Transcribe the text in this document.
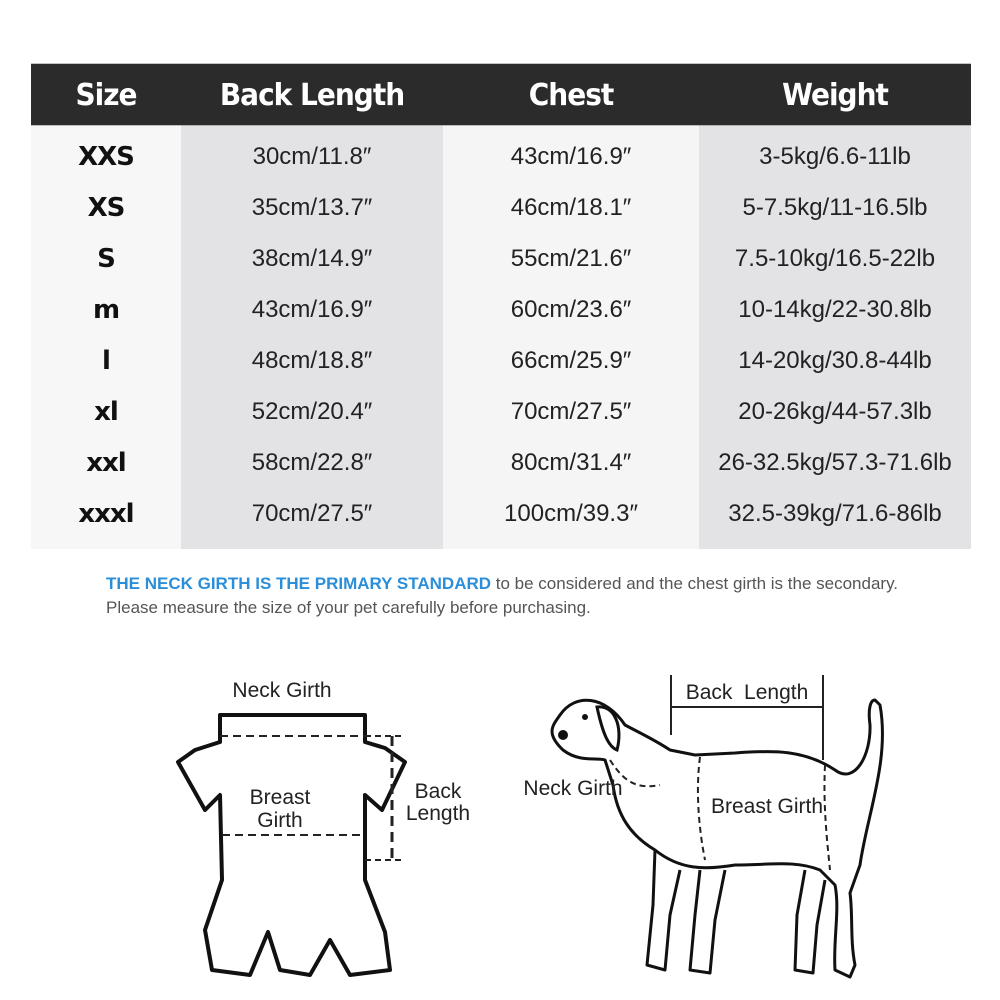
Size	Back Length	Chest	Weight
XXS	30cm/11.8″	43cm/16.9″	3-5kg/6.6-11lb
XS	35cm/13.7″	46cm/18.1″	5-7.5kg/11-16.5lb
S	38cm/14.9″	55cm/21.6″	7.5-10kg/16.5-22lb
m	43cm/16.9″	60cm/23.6″	10-14kg/22-30.8lb
l	48cm/18.8″	66cm/25.9″	14-20kg/30.8-44lb
xl	52cm/20.4″	70cm/27.5″	20-26kg/44-57.3lb
xxl	58cm/22.8″	80cm/31.4″	26-32.5kg/57.3-71.6lb
xxxl	70cm/27.5″	100cm/39.3″	32.5-39kg/71.6-86lb

THE NECK GIRTH IS THE PRIMARY STANDARD to be considered and the chest girth is the secondary. Please measure the size of your pet carefully before purchasing.

Neck Girth
Breast
Girth
Back
Length
Back  Length
Neck Girth
Breast Girth
